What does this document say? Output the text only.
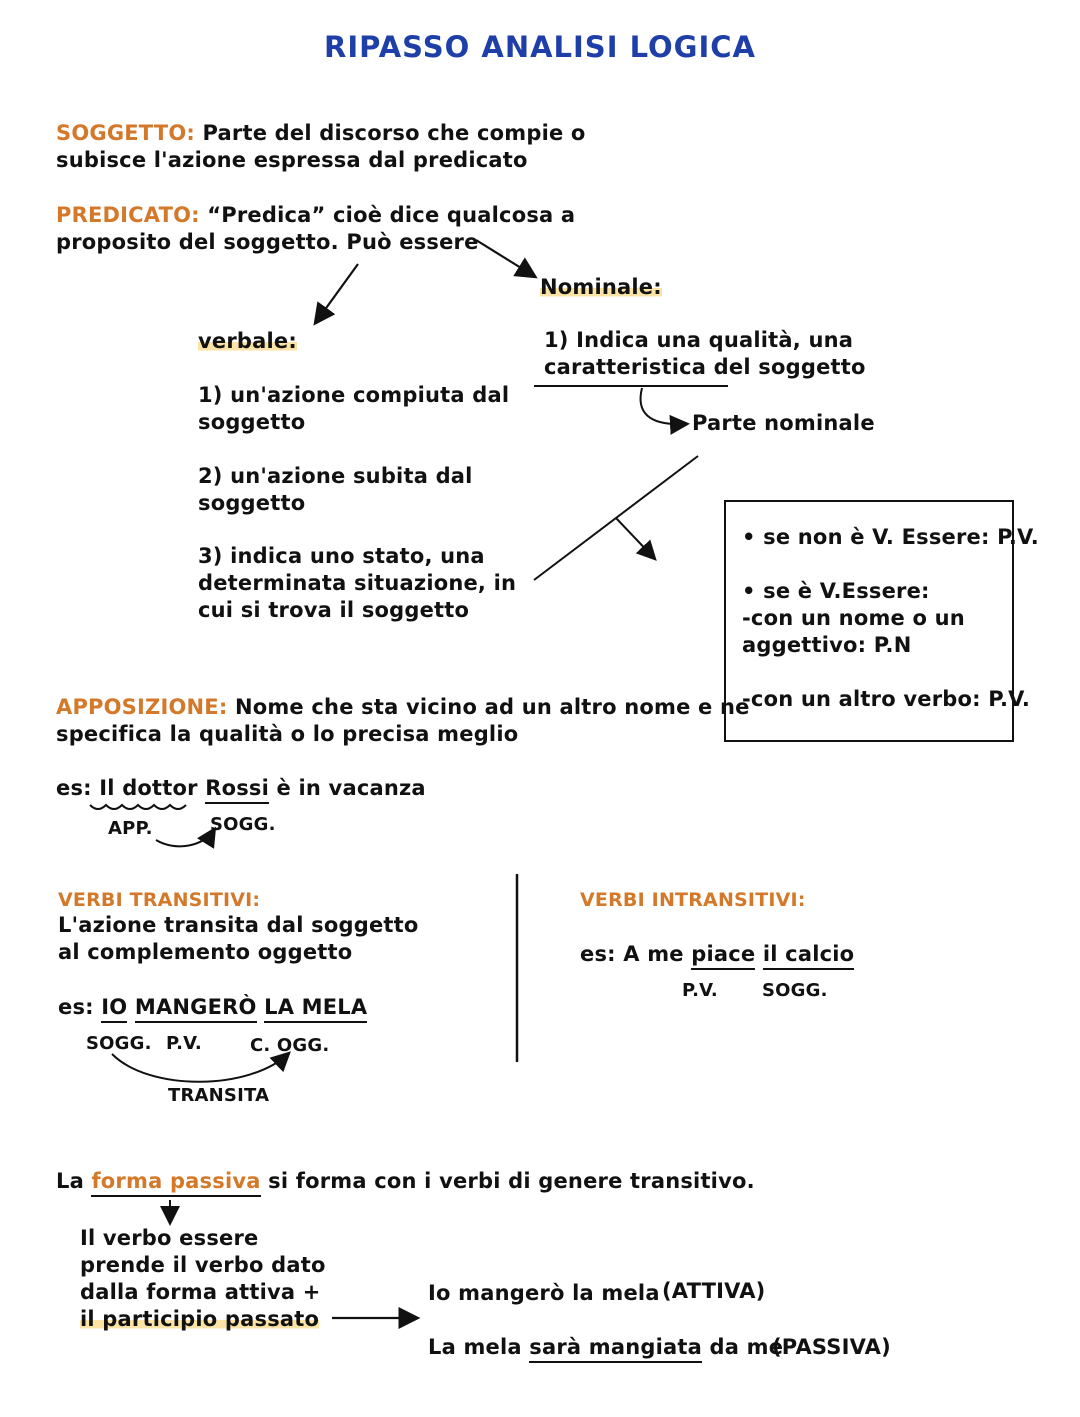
RIPASSO ANALISI LOGICA
SOGGETTO: Parte del discorso che compie o
subisce l'azione espressa dal predicato
PREDICATO: “Predica” cioè dice qualcosa a
proposito del soggetto. Può essere
Nominale:
1) Indica una qualità, una
caratteristica del soggetto
Parte nominale
verbale:
1) un'azione compiuta dal
soggetto
2) un'azione subita dal
soggetto
3) indica uno stato, una
determinata situazione, in
cui si trova il soggetto
• se non è V. Essere: P.V.
• se è V.Essere:
-con un nome o un
aggettivo: P.N
-con un altro verbo: P.V.
APPOSIZIONE: Nome che sta vicino ad un altro nome e ne
specifica la qualità o lo precisa meglio
es: Il dottor Rossi è in vacanza
APP.	SOGG.
VERBI TRANSITIVI:
L'azione transita dal soggetto
al complemento oggetto
es: IO MANGERÒ LA MELA
SOGG. P.V.	C. OGG.
TRANSITA
VERBI INTRANSITIVI:
es: A me piace il calcio
P.V. SOGG.
La forma passiva si forma con i verbi di genere transitivo.
Il verbo essere
prende il verbo dato
dalla forma attiva +
il participio passato
Io mangerò la mela (ATTIVA)
La mela sarà mangiata da me
(PASSIVA)
